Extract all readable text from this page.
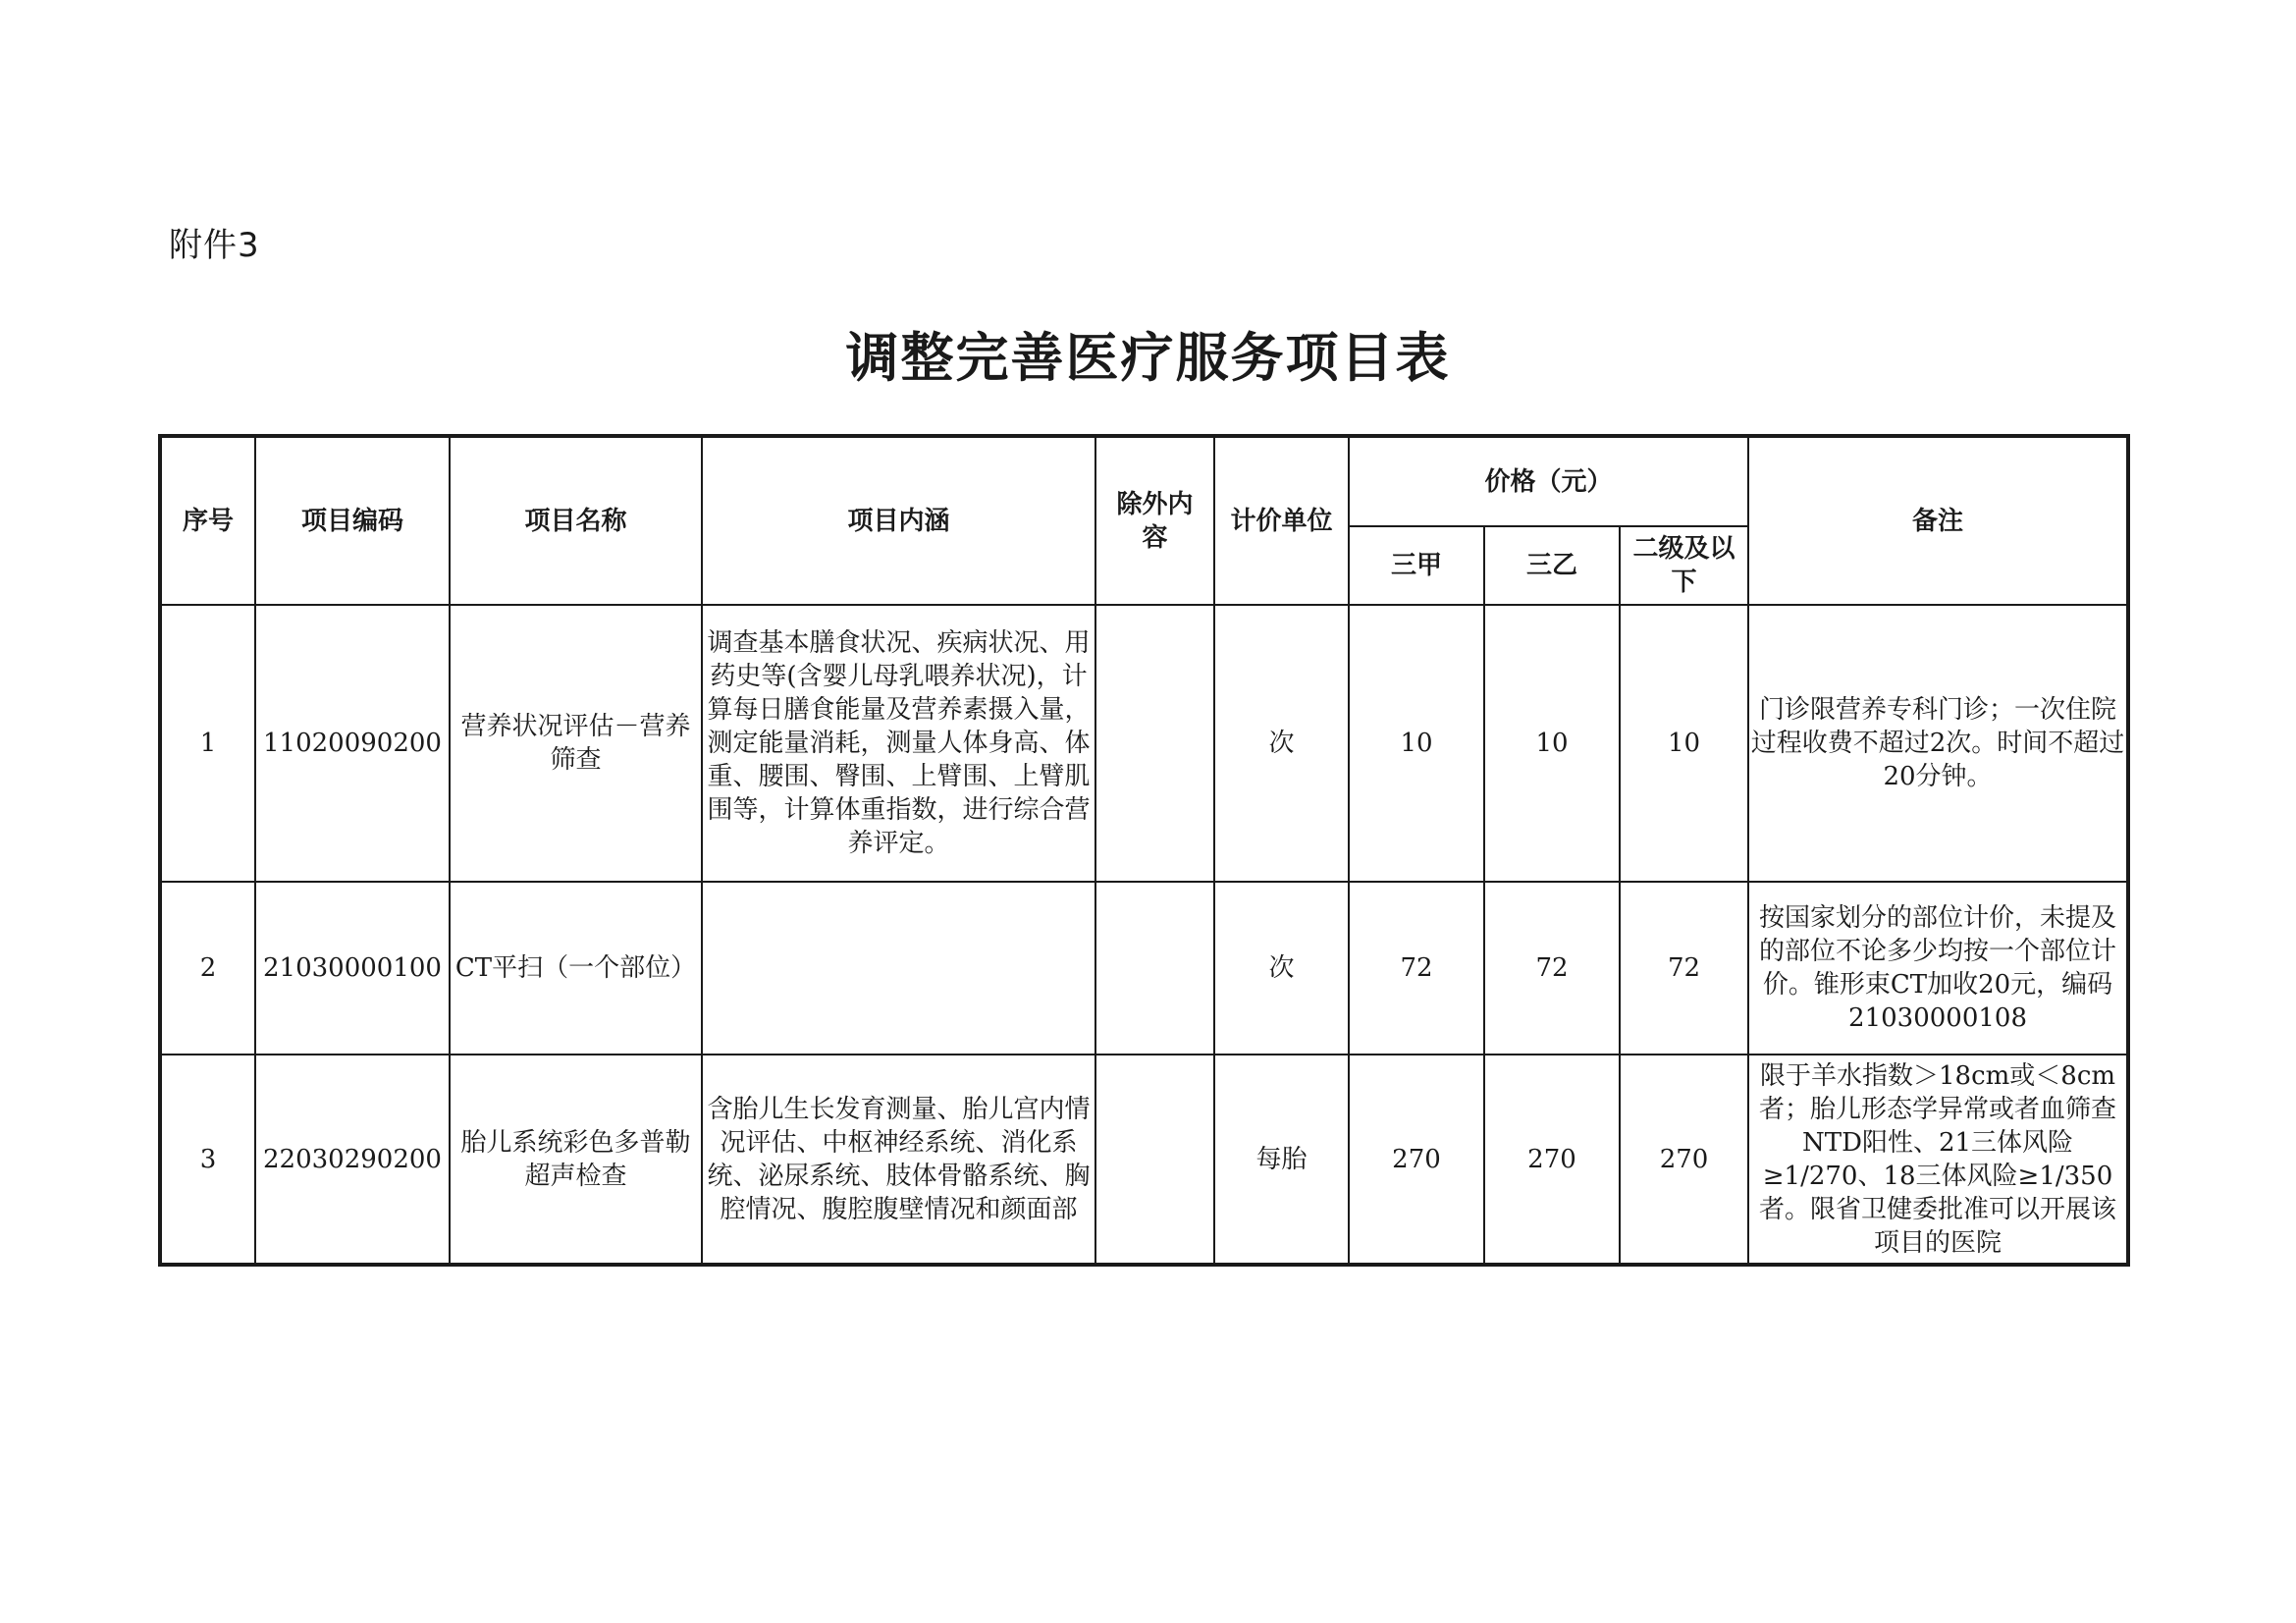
附件3
调整完善医疗服务项目表
序号	项目编码	项目名称	项目内涵	除外内容	计价单位	价格（元）			备注
						三甲	三乙	二级及以下	
1	11020090200	营养状况评估－营养筛查	调查基本膳食状况、疾病状况、用药史等(含婴儿母乳喂养状况)，计算每日膳食能量及营养素摄入量，测定能量消耗，测量人体身高、体重、腰围、臀围、上臂围、上臂肌围等，计算体重指数，进行综合营养评定。		次	10	10	10	门诊限营养专科门诊；一次住院过程收费不超过2次。时间不超过20分钟。
2	21030000100	CT平扫（一个部位）			次	72	72	72	按国家划分的部位计价，未提及的部位不论多少均按一个部位计价。锥形束CT加收20元，编码21030000108
3	22030290200	胎儿系统彩色多普勒超声检查	含胎儿生长发育测量、胎儿宫内情况评估、中枢神经系统、消化系统、泌尿系统、肢体骨骼系统、胸腔情况、腹腔腹壁情况和颜面部		每胎	270	270	270	限于羊水指数＞18cm或＜8cm者；胎儿形态学异常或者血筛查NTD阳性、21三体风险≥1/270、18三体风险≥1/350者。限省卫健委批准可以开展该项目的医院
